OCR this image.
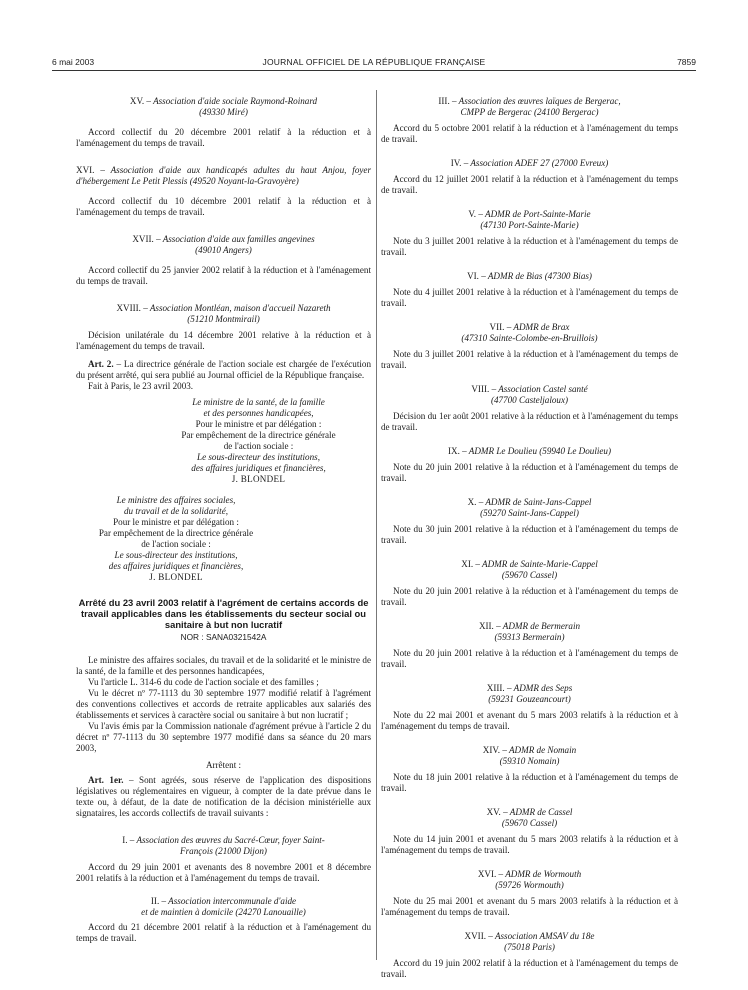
6 mai 2003	JOURNAL OFFICIEL DE LA RÉPUBLIQUE FRANÇAISE	7859
XV. – Association d'aide sociale Raymond-Roinard
(49330 Miré)

Accord collectif du 20 décembre 2001 relatif à la réduction et à l'aménagement du temps de travail.

XVI. – Association d'aide aux handicapés adultes du haut Anjou, foyer d'hébergement Le Petit Plessis (49520 Noyant-la-Gravoyère)

Accord collectif du 10 décembre 2001 relatif à la réduction et à l'aménagement du temps de travail.

XVII. – Association d'aide aux familles angevines
(49010 Angers)

Accord collectif du 25 janvier 2002 relatif à la réduction et à l'aménagement du temps de travail.

XVIII. – Association Montléan, maison d'accueil Nazareth
(51210 Montmirail)

Décision unilatérale du 14 décembre 2001 relative à la réduction et à l'aménagement du temps de travail.

Art. 2. – La directrice générale de l'action sociale est chargée de l'exécution du présent arrêté, qui sera publié au Journal officiel de la République française.

Fait à Paris, le 23 avril 2003.

Le ministre de la santé, de la famille
et des personnes handicapées,
Pour le ministre et par délégation :
Par empêchement de la directrice générale
de l'action sociale :
Le sous-directeur des institutions,
des affaires juridiques et financières,
J. BLONDEL
Le ministre des affaires sociales,
du travail et de la solidarité,
Pour le ministre et par délégation :
Par empêchement de la directrice générale
de l'action sociale :
Le sous-directeur des institutions,
des affaires juridiques et financières,
J. BLONDEL
Arrêté du 23 avril 2003 relatif à l'agrément de certains accords de travail applicables dans les établissements du secteur social ou sanitaire à but non lucratif
NOR : SANA0321542A

Le ministre des affaires sociales, du travail et de la solidarité et le ministre de la santé, de la famille et des personnes handicapées,

Vu l'article L. 314-6 du code de l'action sociale et des familles ;

Vu le décret nº 77-1113 du 30 septembre 1977 modifié relatif à l'agrément des conventions collectives et accords de retraite applicables aux salariés des établissements et services à caractère social ou sanitaire à but non lucratif ;

Vu l'avis émis par la Commission nationale d'agrément prévue à l'article 2 du décret nº 77-1113 du 30 septembre 1977 modifié dans sa séance du 20 mars 2003,

Arrêtent :

Art. 1er. – Sont agréés, sous réserve de l'application des dispositions législatives ou réglementaires en vigueur, à compter de la date prévue dans le texte ou, à défaut, de la date de notification de la décision ministérielle aux signataires, les accords collectifs de travail suivants :

I. – Association des œuvres du Sacré-Cœur, foyer Saint-François (21000 Dijon)

Accord du 29 juin 2001 et avenants des 8 novembre 2001 et 8 décembre 2001 relatifs à la réduction et à l'aménagement du temps de travail.

II. – Association intercommunale d'aide
et de maintien à domicile (24270 Lanouaille)

Accord du 21 décembre 2001 relatif à la réduction et à l'aménagement du temps de travail.

III. – Association des œuvres laïques de Bergerac,
CMPP de Bergerac (24100 Bergerac)

Accord du 5 octobre 2001 relatif à la réduction et à l'aménagement du temps de travail.

IV. – Association ADEF 27 (27000 Evreux)

Accord du 12 juillet 2001 relatif à la réduction et à l'aménagement du temps de travail.

V. – ADMR de Port-Sainte-Marie
(47130 Port-Sainte-Marie)

Note du 3 juillet 2001 relative à la réduction et à l'aménagement du temps de travail.

VI. – ADMR de Bias (47300 Bias)

Note du 4 juillet 2001 relative à la réduction et à l'aménagement du temps de travail.

VII. – ADMR de Brax
(47310 Sainte-Colombe-en-Bruillois)

Note du 3 juillet 2001 relative à la réduction et à l'aménagement du temps de travail.

VIII. – Association Castel santé
(47700 Casteljaloux)

Décision du 1er août 2001 relative à la réduction et à l'aménagement du temps de travail.

IX. – ADMR Le Doulieu (59940 Le Doulieu)

Note du 20 juin 2001 relative à la réduction et à l'aménagement du temps de travail.

X. – ADMR de Saint-Jans-Cappel
(59270 Saint-Jans-Cappel)

Note du 30 juin 2001 relative à la réduction et à l'aménagement du temps de travail.

XI. – ADMR de Sainte-Marie-Cappel
(59670 Cassel)

Note du 20 juin 2001 relative à la réduction et à l'aménagement du temps de travail.

XII. – ADMR de Bermerain
(59313 Bermerain)

Note du 20 juin 2001 relative à la réduction et à l'aménagement du temps de travail.

XIII. – ADMR des Seps
(59231 Gouzeancourt)

Note du 22 mai 2001 et avenant du 5 mars 2003 relatifs à la réduction et à l'aménagement du temps de travail.

XIV. – ADMR de Nomain
(59310 Nomain)

Note du 18 juin 2001 relative à la réduction et à l'aménagement du temps de travail.

XV. – ADMR de Cassel
(59670 Cassel)

Note du 14 juin 2001 et avenant du 5 mars 2003 relatifs à la réduction et à l'aménagement du temps de travail.

XVI. – ADMR de Wormouth
(59726 Wormouth)

Note du 25 mai 2001 et avenant du 5 mars 2003 relatifs à la réduction et à l'aménagement du temps de travail.

XVII. – Association AMSAV du 18e
(75018 Paris)

Accord du 19 juin 2002 relatif à la réduction et à l'aménagement du temps de travail.
